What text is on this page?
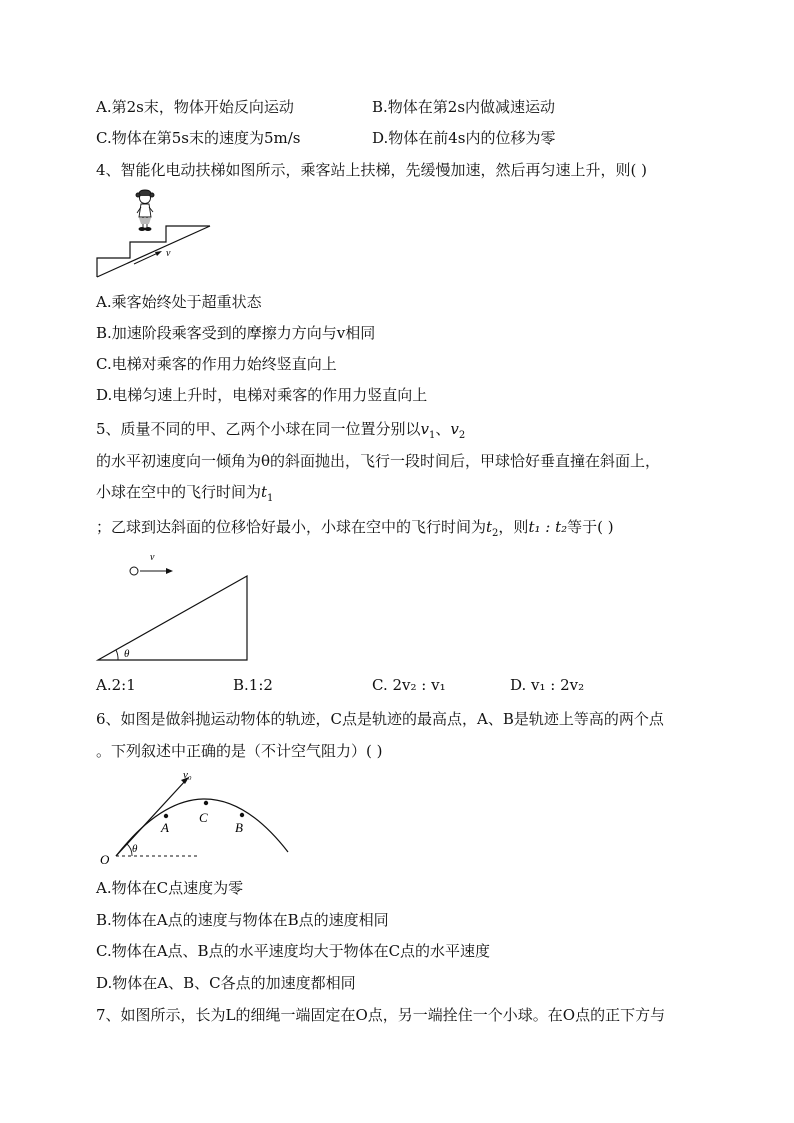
A.第2s末，物体开始反向运动	B.物体在第2s内做减速运动
C.物体在第5s末的速度为5m/s	D.物体在前4s内的位移为零
4、智能化电动扶梯如图所示，乘客站上扶梯，先缓慢加速，然后再匀速上升，则( )
v
A.乘客始终处于超重状态
B.加速阶段乘客受到的摩擦力方向与v相同
C.电梯对乘客的作用力始终竖直向上
D.电梯匀速上升时，电梯对乘客的作用力竖直向上
5、质量不同的甲、乙两个小球在同一位置分别以$v_1$、$v_2$
的水平初速度向一倾角为θ的斜面抛出，飞行一段时间后，甲球恰好垂直撞在斜面上，
小球在空中的飞行时间为$t_1$
；乙球到达斜面的位移恰好最小，小球在空中的飞行时间为$t_2$，则t₁ : t₂等于( )
v
θ
A.2:1	B.1:2	C. 2v₂ : v₁	D. v₁ : 2v₂
6、如图是做斜抛运动物体的轨迹，C点是轨迹的最高点，A、B是轨迹上等高的两个点
。下列叙述中正确的是（不计空气阻力）( )
v₀
θ
A
C
B
O
A.物体在C点速度为零
B.物体在A点的速度与物体在B点的速度相同
C.物体在A点、B点的水平速度均大于物体在C点的水平速度
D.物体在A、B、C各点的加速度都相同
7、如图所示，长为L的细绳一端固定在O点，另一端拴住一个小球。在O点的正下方与
